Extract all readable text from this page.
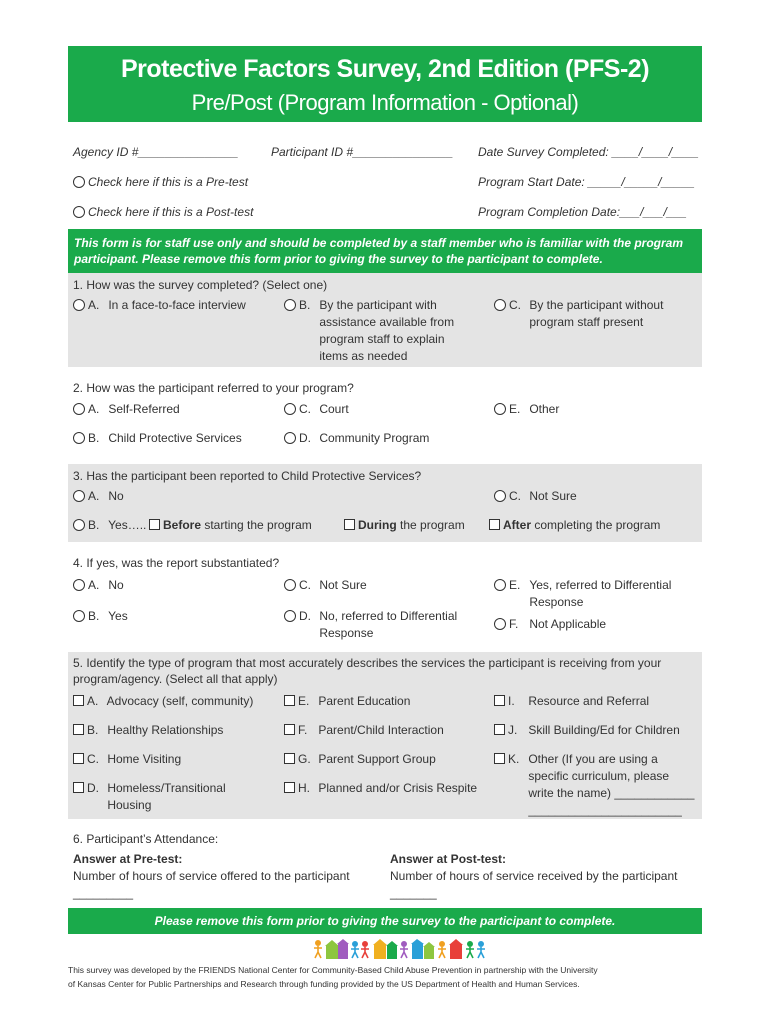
Protective Factors Survey, 2nd Edition (PFS-2)
Pre/Post (Program Information - Optional)
Agency ID #_______________	Participant ID #_______________ Date Survey Completed: ____/____/____
Check here if this is a Pre-test	Program Start Date: _____/_____/_____
Check here if this is a Post-test	Program Completion Date:___/___/___
This form is for staff use only and should be completed by a staff member who is familiar with the program participant. Please remove this form prior to giving the survey to the participant to complete.
1. How was the survey completed? (Select one)
A. In a face-to-face interview	B. By the participant with
assistance available from
program staff to explain
items as needed
C. By the participant without
program staff present
2. How was the participant referred to your program?
A. Self-Referred
B. Child Protective Services
C. Court
D. Community Program
E. Other
3. Has the participant been reported to Child Protective Services?
A. No	C. Not Sure
B. Yes…..	Before starting the program	During the program	After completing the program
4. If yes, was the report substantiated?
A. No
B. Yes
C. Not Sure
D. No, referred to Differential
Response
E. Yes, referred to Differential
Response
F. Not Applicable
5. Identify the type of program that most accurately describes the services the participant is receiving from your
program/agency. (Select all that apply)
A. Advocacy (self, community)
B. Healthy Relationships
C. Home Visiting
D. Homeless/Transitional
Housing
E. Parent Education
F. Parent/Child Interaction
G. Parent Support Group
H. Planned and/or Crisis Respite
I. Resource and Referral
J. Skill Building/Ed for Children
K. Other (If you are using a
specific curriculum, please
write the name) ____________
_______________________
6. Participant’s Attendance:
Answer at Pre-test:
Number of hours of service offered to the participant
_________
Answer at Post-test:
Number of hours of service received by the participant
_______
Please remove this form prior to giving the survey to the participant to complete.
This survey was developed by the FRIENDS National Center for Community-Based Child Abuse Prevention in partnership with the University
of Kansas Center for Public Partnerships and Research through funding provided by the US Department of Health and Human Services.
